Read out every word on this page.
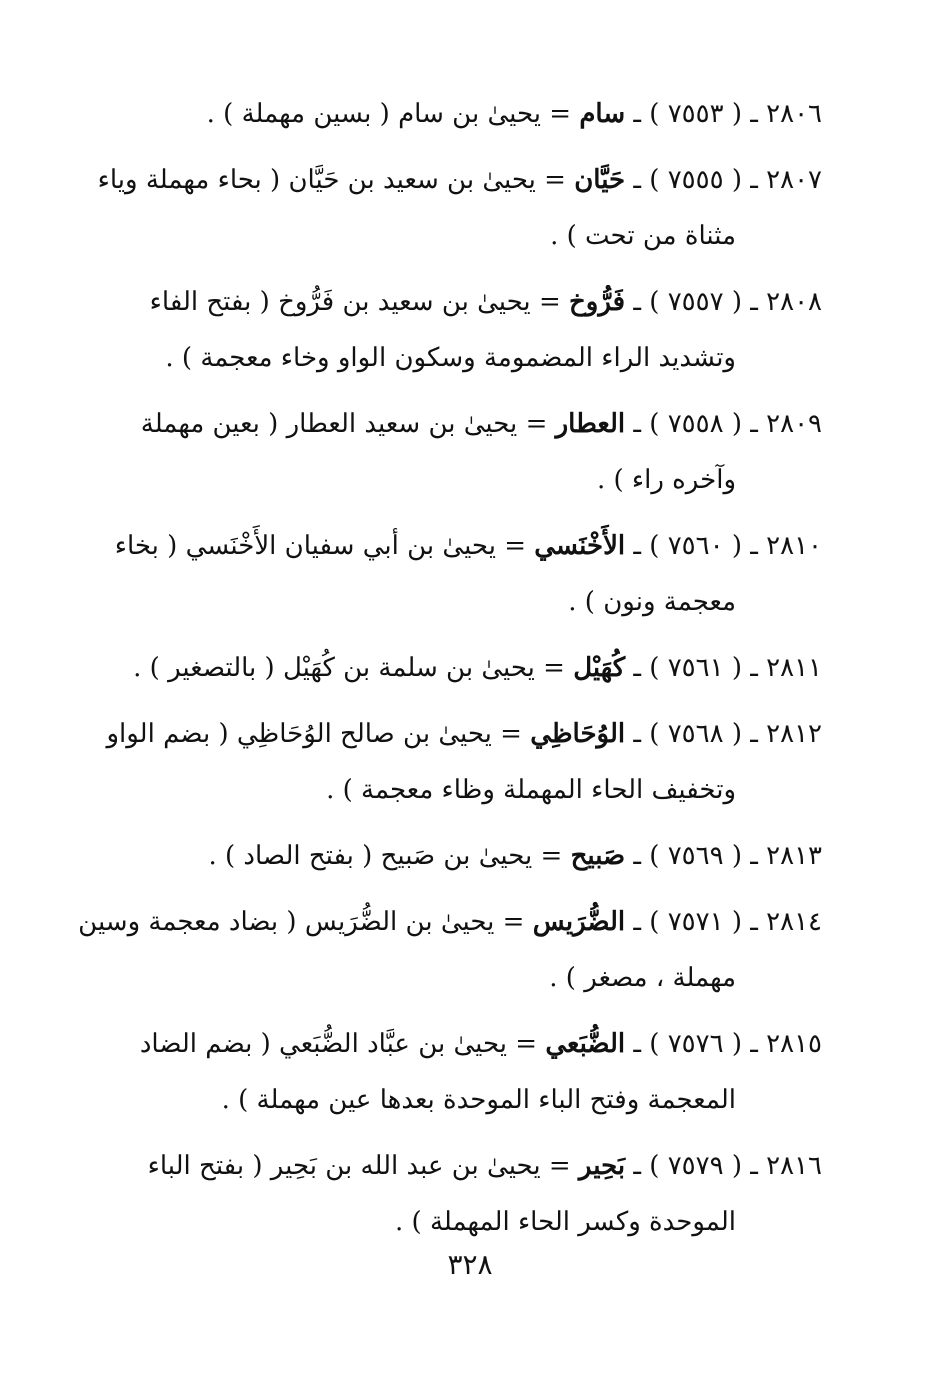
٢٨٠٦ ـ ( ٧٥٥٣ ) ـ سام = يحيىٰ بن سام ( بسين مهملة ) .
٢٨٠٧ ـ ( ٧٥٥٥ ) ـ حَيَّان = يحيىٰ بن سعيد بن حَيَّان ( بحاء مهملة وياء
مثناة من تحت ) .
٢٨٠٨ ـ ( ٧٥٥٧ ) ـ فَرُّوخ = يحيىٰ بن سعيد بن فَرُّوخ ( بفتح الفاء
وتشديد الراء المضمومة وسكون الواو وخاء معجمة ) .
٢٨٠٩ ـ ( ٧٥٥٨ ) ـ العطار = يحيىٰ بن سعيد العطار ( بعين مهملة
وآخره راء ) .
٢٨١٠ ـ ( ٧٥٦٠ ) ـ الأَخْنَسي = يحيىٰ بن أبي سفيان الأَخْنَسي ( بخاء
معجمة ونون ) .
٢٨١١ ـ ( ٧٥٦١ ) ـ كُهَيْل = يحيىٰ بن سلمة بن كُهَيْل ( بالتصغير ) .
٢٨١٢ ـ ( ٧٥٦٨ ) ـ الوُحَاظِي = يحيىٰ بن صالح الوُحَاظِي ( بضم الواو
وتخفيف الحاء المهملة وظاء معجمة ) .
٢٨١٣ ـ ( ٧٥٦٩ ) ـ صَبيح = يحيىٰ بن صَبيح ( بفتح الصاد ) .
٢٨١٤ ـ ( ٧٥٧١ ) ـ الضُّرَيس = يحيىٰ بن الضُّرَيس ( بضاد معجمة وسين
مهملة ، مصغر ) .
٢٨١٥ ـ ( ٧٥٧٦ ) ـ الضُّبَعي = يحيىٰ بن عبَّاد الضُّبَعي ( بضم الضاد
المعجمة وفتح الباء الموحدة بعدها عين مهملة ) .
٢٨١٦ ـ ( ٧٥٧٩ ) ـ بَحِير = يحيىٰ بن عبد الله بن بَحِير ( بفتح الباء
الموحدة وكسر الحاء المهملة ) .
٣٢٨
